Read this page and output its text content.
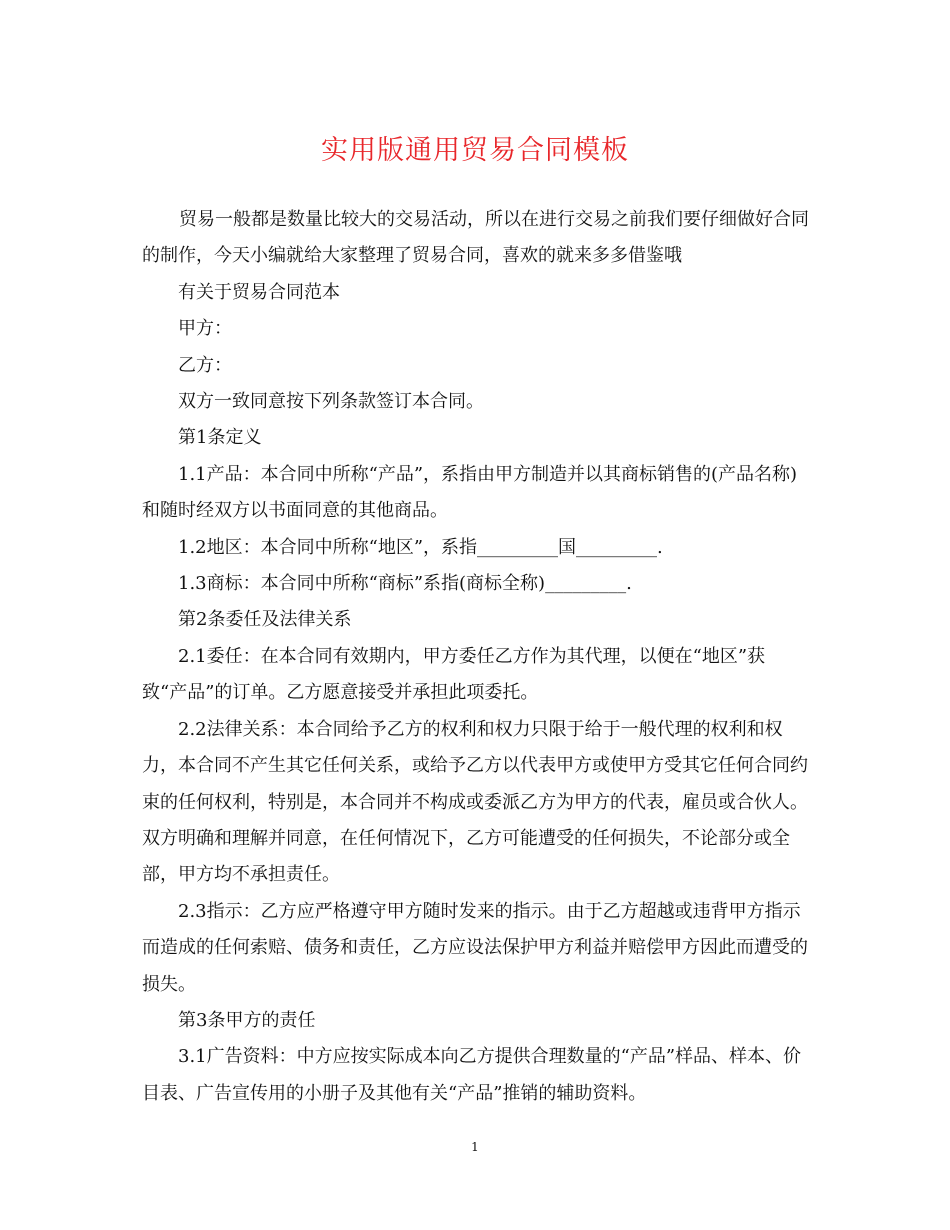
实用版通用贸易合同模板

贸易一般都是数量比较大的交易活动，所以在进行交易之前我们要仔细做好合同的制作，今天小编就给大家整理了贸易合同，喜欢的就来多多借鉴哦

有关于贸易合同范本

甲方：

乙方：

双方一致同意按下列条款签订本合同。

第1条定义

1.1产品：本合同中所称“产品”，系指由甲方制造并以其商标销售的(产品名称)和随时经双方以书面同意的其他商品。

1.2地区：本合同中所称“地区”，系指_________国_________.

1.3商标：本合同中所称“商标”系指(商标全称)_________.

第2条委任及法律关系

2.1委任：在本合同有效期内，甲方委任乙方作为其代理，以便在“地区”获致“产品”的订单。乙方愿意接受并承担此项委托。

2.2法律关系：本合同给予乙方的权利和权力只限于给于一般代理的权利和权力，本合同不产生其它任何关系，或给予乙方以代表甲方或使甲方受其它任何合同约束的任何权利，特别是，本合同并不构成或委派乙方为甲方的代表，雇员或合伙人。双方明确和理解并同意，在任何情况下，乙方可能遭受的任何损失，不论部分或全部，甲方均不承担责任。

2.3指示：乙方应严格遵守甲方随时发来的指示。由于乙方超越或违背甲方指示而造成的任何索赔、债务和责任，乙方应设法保护甲方利益并赔偿甲方因此而遭受的损失。

第3条甲方的责任

3.1广告资料：中方应按实际成本向乙方提供合理数量的“产品”样品、样本、价目表、广告宣传用的小册子及其他有关“产品”推销的辅助资料。

1
